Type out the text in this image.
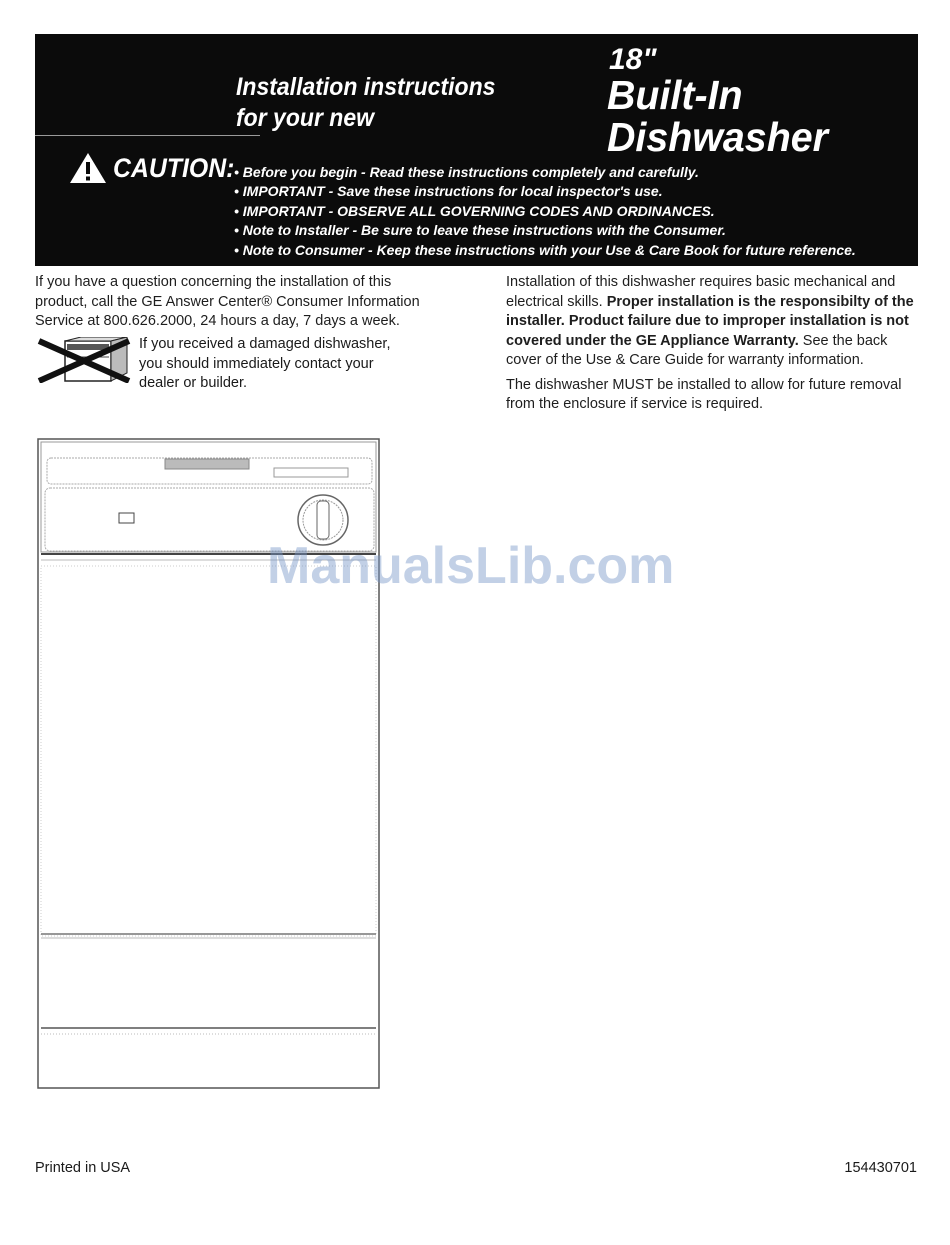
Installation instructions
for your new
18"
Built-In
Dishwasher
CAUTION:
• Before you begin - Read these instructions completely and carefully.
• IMPORTANT - Save these instructions for local inspector's use.
• IMPORTANT - OBSERVE ALL GOVERNING CODES AND ORDINANCES.
• Note to Installer - Be sure to leave these instructions with the Consumer.
• Note to Consumer - Keep these instructions with your Use & Care Book for future reference.

If you have a question concerning the installation of this

product, call the GE Answer Center® Consumer Information

Service at 800.626.2000, 24 hours a day, 7 days a week.

If you received a damaged dishwasher,
you should immediately contact your
dealer or builder.

Installation of this dishwasher requires basic mechanical and electrical skills. Proper installation is the responsibilty of the installer. Product failure due to improper installation is not covered under the GE Appliance Warranty. See the back cover of the Use & Care Guide for warranty information.

The dishwasher MUST be installed to allow for future removal from the enclosure if service is required.

ManualsLib.com
Printed in USA	154430701
